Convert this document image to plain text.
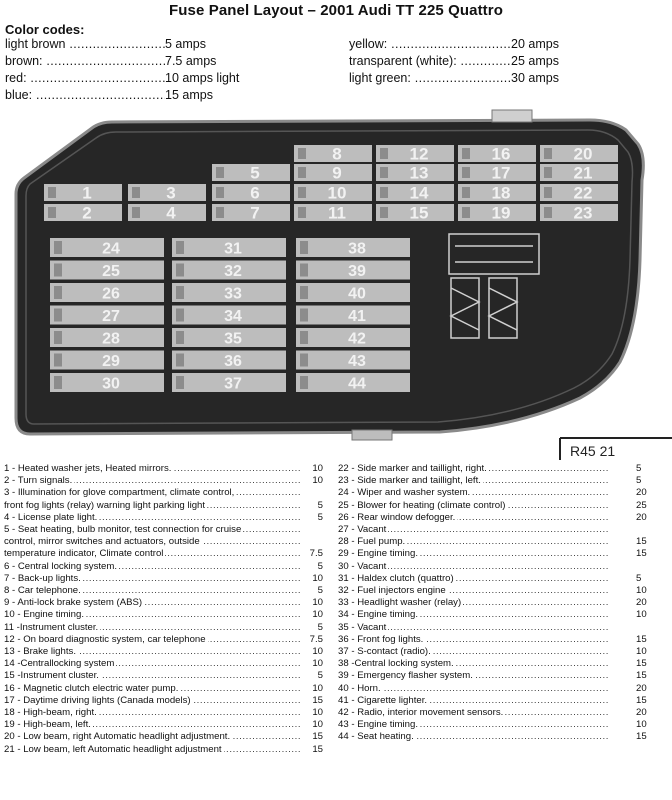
Fuse Panel Layout – 2001 Audi TT 225 Quattro
Color codes:
light brown .....	5 amps
brown: .....	7.5 amps
red: .....	10 amps light
blue: .....	15 amps
yellow: .....	20 amps
transparent (white): .....	25 amps
light green: .....	30 amps
8	12	16	20
5	9	13	17	21
1	3	6	10	14	18	22
2	4	7	11	15	19	23
24
25
26
27
28
29
30
31
32
33
34
35
36
37
38
39
40
41
42
43
44
R45 21
1 - Heated washer jets, Heated mirrors. .....	10
2 - Turn signals. .....	10
3 - Illumination for glove compartment, climate control, .....
front fog lights (relay) warning light parking light .....	5
4 - License plate light. .....	5
5 - Seat heating, bulb monitor, test connection for cruise .....
control, mirror switches and actuators, outside .....
temperature indicator, Climate control .....	7.5
6 - Central locking system. .....	5
7 - Back-up lights. .....	10
8 - Car telephone. .....	5
9 - Anti-lock brake system (ABS) .....	10
10 - Engine timing. .....	10
11 -Instrument cluster. .....	5
12 - On board diagnostic system, car telephone .....	7.5
13 - Brake lights. .....	10
14 -Centrallocking system .....	10
15 -Instrument cluster. .....	5
16 - Magnetic clutch electric water pump. .....	10
17 - Daytime driving lights (Canada models) .....	15
18 - High-beam, right. .....	10
19 - High-beam, left. .....	10
20 - Low beam, right Automatic headlight adjustment. .....	15
21 - Low beam, left Automatic headlight adjustment .....	15
22 - Side marker and taillight, right. .....	5
23 - Side marker and taillight, left. .....	5
24 - Wiper and washer system. .....	20
25 - Blower for heating (climate control) .....	25
26 - Rear window defogger. .....	20
27 - Vacant .....
28 - Fuel pump. .....	15
29 - Engine timing. .....	15
30 - Vacant .....
31 - Haldex clutch (quattro) .....	5
32 - Fuel injectors engine .....	10
33 - Headlight washer (relay) .....	20
34 - Engine timing. .....	10
35 - Vacant .....
36 - Front fog lights. .....	15
37 - S-contact (radio). .....	10
38 -Central locking system. .....	15
39 - Emergency flasher system. .....	15
40 - Horn. .....	20
41 - Cigarette lighter. .....	15
42 - Radio, interior movement sensors. .....	20
43 - Engine timing. .....	10
44 - Seat heating. .....	15
